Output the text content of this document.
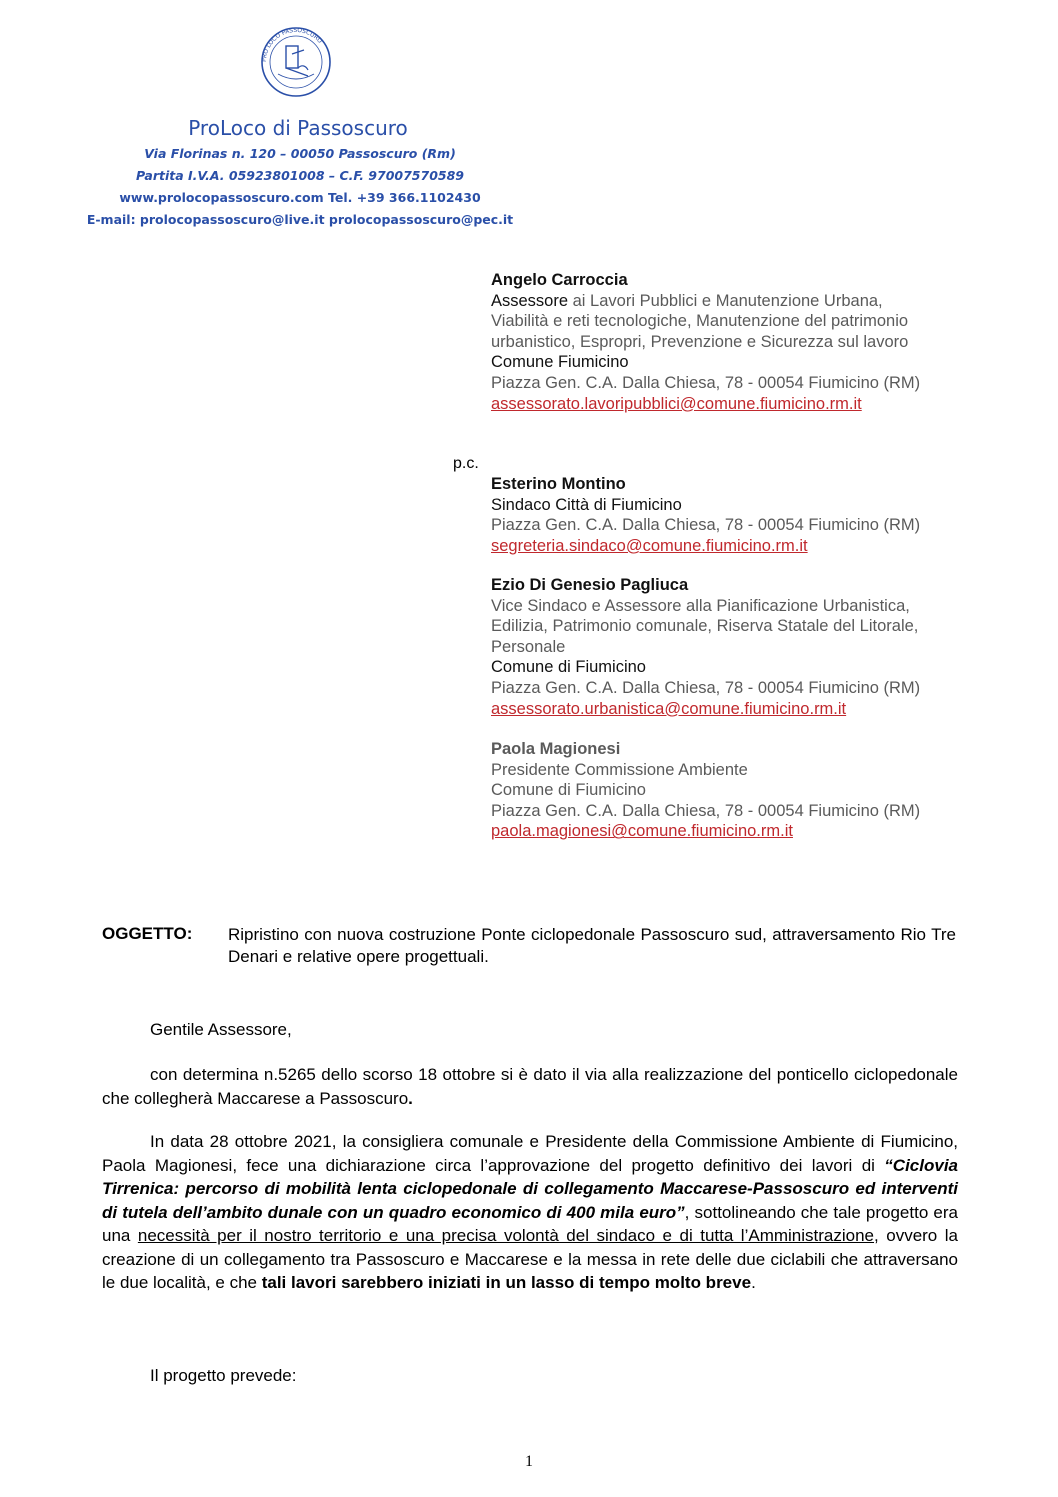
PRO LOCO PASSOSCURO
ProLoco di Passoscuro
Via Florinas n. 120 – 00050 Passoscuro (Rm)
Partita I.V.A. 05923801008 – C.F. 97007570589
www.prolocopassoscuro.com Tel. +39 366.1102430
E-mail: prolocopassoscuro@live.it prolocopassoscuro@pec.it
Angelo Carroccia
Assessore ai Lavori Pubblici e Manutenzione Urbana,
Viabilità e reti tecnologiche, Manutenzione del patrimonio
urbanistico, Espropri, Prevenzione e Sicurezza sul lavoro
Comune Fiumicino
Piazza Gen. C.A. Dalla Chiesa, 78 - 00054 Fiumicino (RM)
assessorato.lavoripubblici@comune.fiumicino.rm.it
p.c.
Esterino Montino
Sindaco Città di Fiumicino
Piazza Gen. C.A. Dalla Chiesa, 78 - 00054 Fiumicino (RM)
segreteria.sindaco@comune.fiumicino.rm.it
Ezio Di Genesio Pagliuca
Vice Sindaco e Assessore alla Pianificazione Urbanistica,
Edilizia, Patrimonio comunale, Riserva Statale del Litorale,
Personale
Comune di Fiumicino
Piazza Gen. C.A. Dalla Chiesa, 78 - 00054 Fiumicino (RM)
assessorato.urbanistica@comune.fiumicino.rm.it
Paola Magionesi
Presidente Commissione Ambiente
Comune di Fiumicino
Piazza Gen. C.A. Dalla Chiesa, 78 - 00054 Fiumicino (RM)
paola.magionesi@comune.fiumicino.rm.it
OGGETTO: Ripristino con nuova costruzione Ponte ciclopedonale Passoscuro sud, attraversamento Rio Tre Denari e relative opere progettuali.
Gentile Assessore,
con determina n.5265 dello scorso 18 ottobre si è dato il via alla realizzazione del ponticello ciclopedonale che collegherà Maccarese a Passoscuro.
In data 28 ottobre 2021, la consigliera comunale e Presidente della Commissione Ambiente di Fiumicino, Paola Magionesi, fece una dichiarazione circa l’approvazione del progetto definitivo dei lavori di “Ciclovia Tirrenica: percorso di mobilità lenta ciclopedonale di collegamento Maccarese-Passoscuro ed interventi di tutela dell’ambito dunale con un quadro economico di 400 mila euro”, sottolineando che tale progetto era una necessità per il nostro territorio e una precisa volontà del sindaco e di tutta l’Amministrazione, ovvero la creazione di un collegamento tra Passoscuro e Maccarese e la messa in rete delle due ciclabili che attraversano le due località, e che tali lavori sarebbero iniziati in un lasso di tempo molto breve.
Il progetto prevede:
1
